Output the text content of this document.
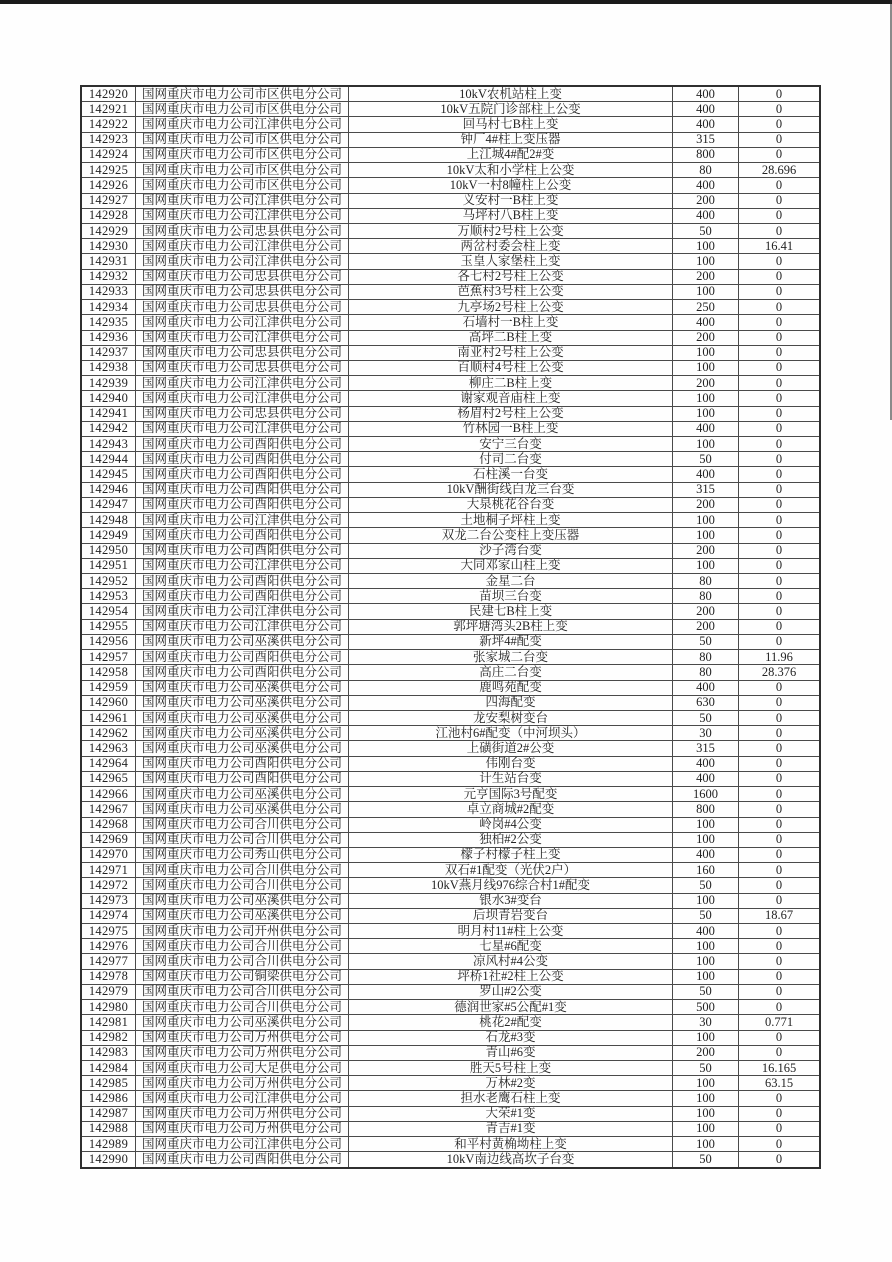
142920	国网重庆市电力公司市区供电分公司	10kV农机站柱上变	400	0
142921	国网重庆市电力公司市区供电分公司	10kV五院门诊部柱上公变	400	0
142922	国网重庆市电力公司江津供电分公司	回马村七B柱上变	400	0
142923	国网重庆市电力公司市区供电分公司	钟厂4#柱上变压器	315	0
142924	国网重庆市电力公司市区供电分公司	上江城4#配2#变	800	0
142925	国网重庆市电力公司市区供电分公司	10kV太和小学柱上公变	80	28.696
142926	国网重庆市电力公司市区供电分公司	10kV一村8幢柱上公变	400	0
142927	国网重庆市电力公司江津供电分公司	义安村一B柱上变	200	0
142928	国网重庆市电力公司江津供电分公司	马坪村八B柱上变	400	0
142929	国网重庆市电力公司忠县供电分公司	万顺村2号柱上公变	50	0
142930	国网重庆市电力公司江津供电分公司	两岔村委会柱上变	100	16.41
142931	国网重庆市电力公司江津供电分公司	玉皇人家堡柱上变	100	0
142932	国网重庆市电力公司忠县供电分公司	各七村2号柱上公变	200	0
142933	国网重庆市电力公司忠县供电分公司	芭蕉村3号柱上公变	100	0
142934	国网重庆市电力公司忠县供电分公司	九亭场2号柱上公变	250	0
142935	国网重庆市电力公司江津供电分公司	石墙村一B柱上变	400	0
142936	国网重庆市电力公司江津供电分公司	高坪二B柱上变	200	0
142937	国网重庆市电力公司忠县供电分公司	南亚村2号柱上公变	100	0
142938	国网重庆市电力公司忠县供电分公司	百顺村4号柱上公变	100	0
142939	国网重庆市电力公司江津供电分公司	柳庄二B柱上变	200	0
142940	国网重庆市电力公司江津供电分公司	谢家观音庙柱上变	100	0
142941	国网重庆市电力公司忠县供电分公司	杨眉村2号柱上公变	100	0
142942	国网重庆市电力公司江津供电分公司	竹林园一B柱上变	400	0
142943	国网重庆市电力公司酉阳供电分公司	安宁三台变	100	0
142944	国网重庆市电力公司酉阳供电分公司	付司二台变	50	0
142945	国网重庆市电力公司酉阳供电分公司	石柱溪一台变	400	0
142946	国网重庆市电力公司酉阳供电分公司	10kV酬街线白龙三台变	315	0
142947	国网重庆市电力公司酉阳供电分公司	大泉桃花谷台变	200	0
142948	国网重庆市电力公司江津供电分公司	土地桐子坪柱上变	100	0
142949	国网重庆市电力公司酉阳供电分公司	双龙二台公变柱上变压器	100	0
142950	国网重庆市电力公司酉阳供电分公司	沙子湾台变	200	0
142951	国网重庆市电力公司江津供电分公司	大同邓家山柱上变	100	0
142952	国网重庆市电力公司酉阳供电分公司	金星二台	80	0
142953	国网重庆市电力公司酉阳供电分公司	苗坝三台变	80	0
142954	国网重庆市电力公司江津供电分公司	民建七B柱上变	200	0
142955	国网重庆市电力公司江津供电分公司	郭坪塘湾头2B柱上变	200	0
142956	国网重庆市电力公司巫溪供电分公司	新坪4#配变	50	0
142957	国网重庆市电力公司酉阳供电分公司	张家城二台变	80	11.96
142958	国网重庆市电力公司酉阳供电分公司	高庄二台变	80	28.376
142959	国网重庆市电力公司巫溪供电分公司	鹿鸣苑配变	400	0
142960	国网重庆市电力公司巫溪供电分公司	四海配变	630	0
142961	国网重庆市电力公司巫溪供电分公司	龙安梨树变台	50	0
142962	国网重庆市电力公司巫溪供电分公司	江池村6#配变（中河坝头）	30	0
142963	国网重庆市电力公司巫溪供电分公司	上磺街道2#公变	315	0
142964	国网重庆市电力公司酉阳供电分公司	伟刚台变	400	0
142965	国网重庆市电力公司酉阳供电分公司	计生站台变	400	0
142966	国网重庆市电力公司巫溪供电分公司	元亨国际3号配变	1600	0
142967	国网重庆市电力公司巫溪供电分公司	卓立商城#2配变	800	0
142968	国网重庆市电力公司合川供电分公司	岭岗#4公变	100	0
142969	国网重庆市电力公司合川供电分公司	独柏#2公变	100	0
142970	国网重庆市电力公司秀山供电分公司	檬子村檬子柱上变	400	0
142971	国网重庆市电力公司合川供电分公司	双石#1配变（光伏2户）	160	0
142972	国网重庆市电力公司合川供电分公司	10kV燕月线976综合村1#配变	50	0
142973	国网重庆市电力公司巫溪供电分公司	银水3#变台	100	0
142974	国网重庆市电力公司巫溪供电分公司	后坝青岩变台	50	18.67
142975	国网重庆市电力公司开州供电分公司	明月村11#柱上公变	400	0
142976	国网重庆市电力公司合川供电分公司	七星#6配变	100	0
142977	国网重庆市电力公司合川供电分公司	凉风村#4公变	100	0
142978	国网重庆市电力公司铜梁供电分公司	坪桥1社#2柱上公变	100	0
142979	国网重庆市电力公司合川供电分公司	罗山#2公变	50	0
142980	国网重庆市电力公司合川供电分公司	德润世家#5公配#1变	500	0
142981	国网重庆市电力公司巫溪供电分公司	桃花2#配变	30	0.771
142982	国网重庆市电力公司万州供电分公司	石龙#3变	100	0
142983	国网重庆市电力公司万州供电分公司	青山#6变	200	0
142984	国网重庆市电力公司大足供电分公司	胜天5号柱上变	50	16.165
142985	国网重庆市电力公司万州供电分公司	万林#2变	100	63.15
142986	国网重庆市电力公司江津供电分公司	担水老鹰石柱上变	100	0
142987	国网重庆市电力公司万州供电分公司	大荣#1变	100	0
142988	国网重庆市电力公司万州供电分公司	青吉#1变	100	0
142989	国网重庆市电力公司江津供电分公司	和平村黄桷坳柱上变	100	0
142990	国网重庆市电力公司酉阳供电分公司	10kV南边线高坎子台变	50	0
